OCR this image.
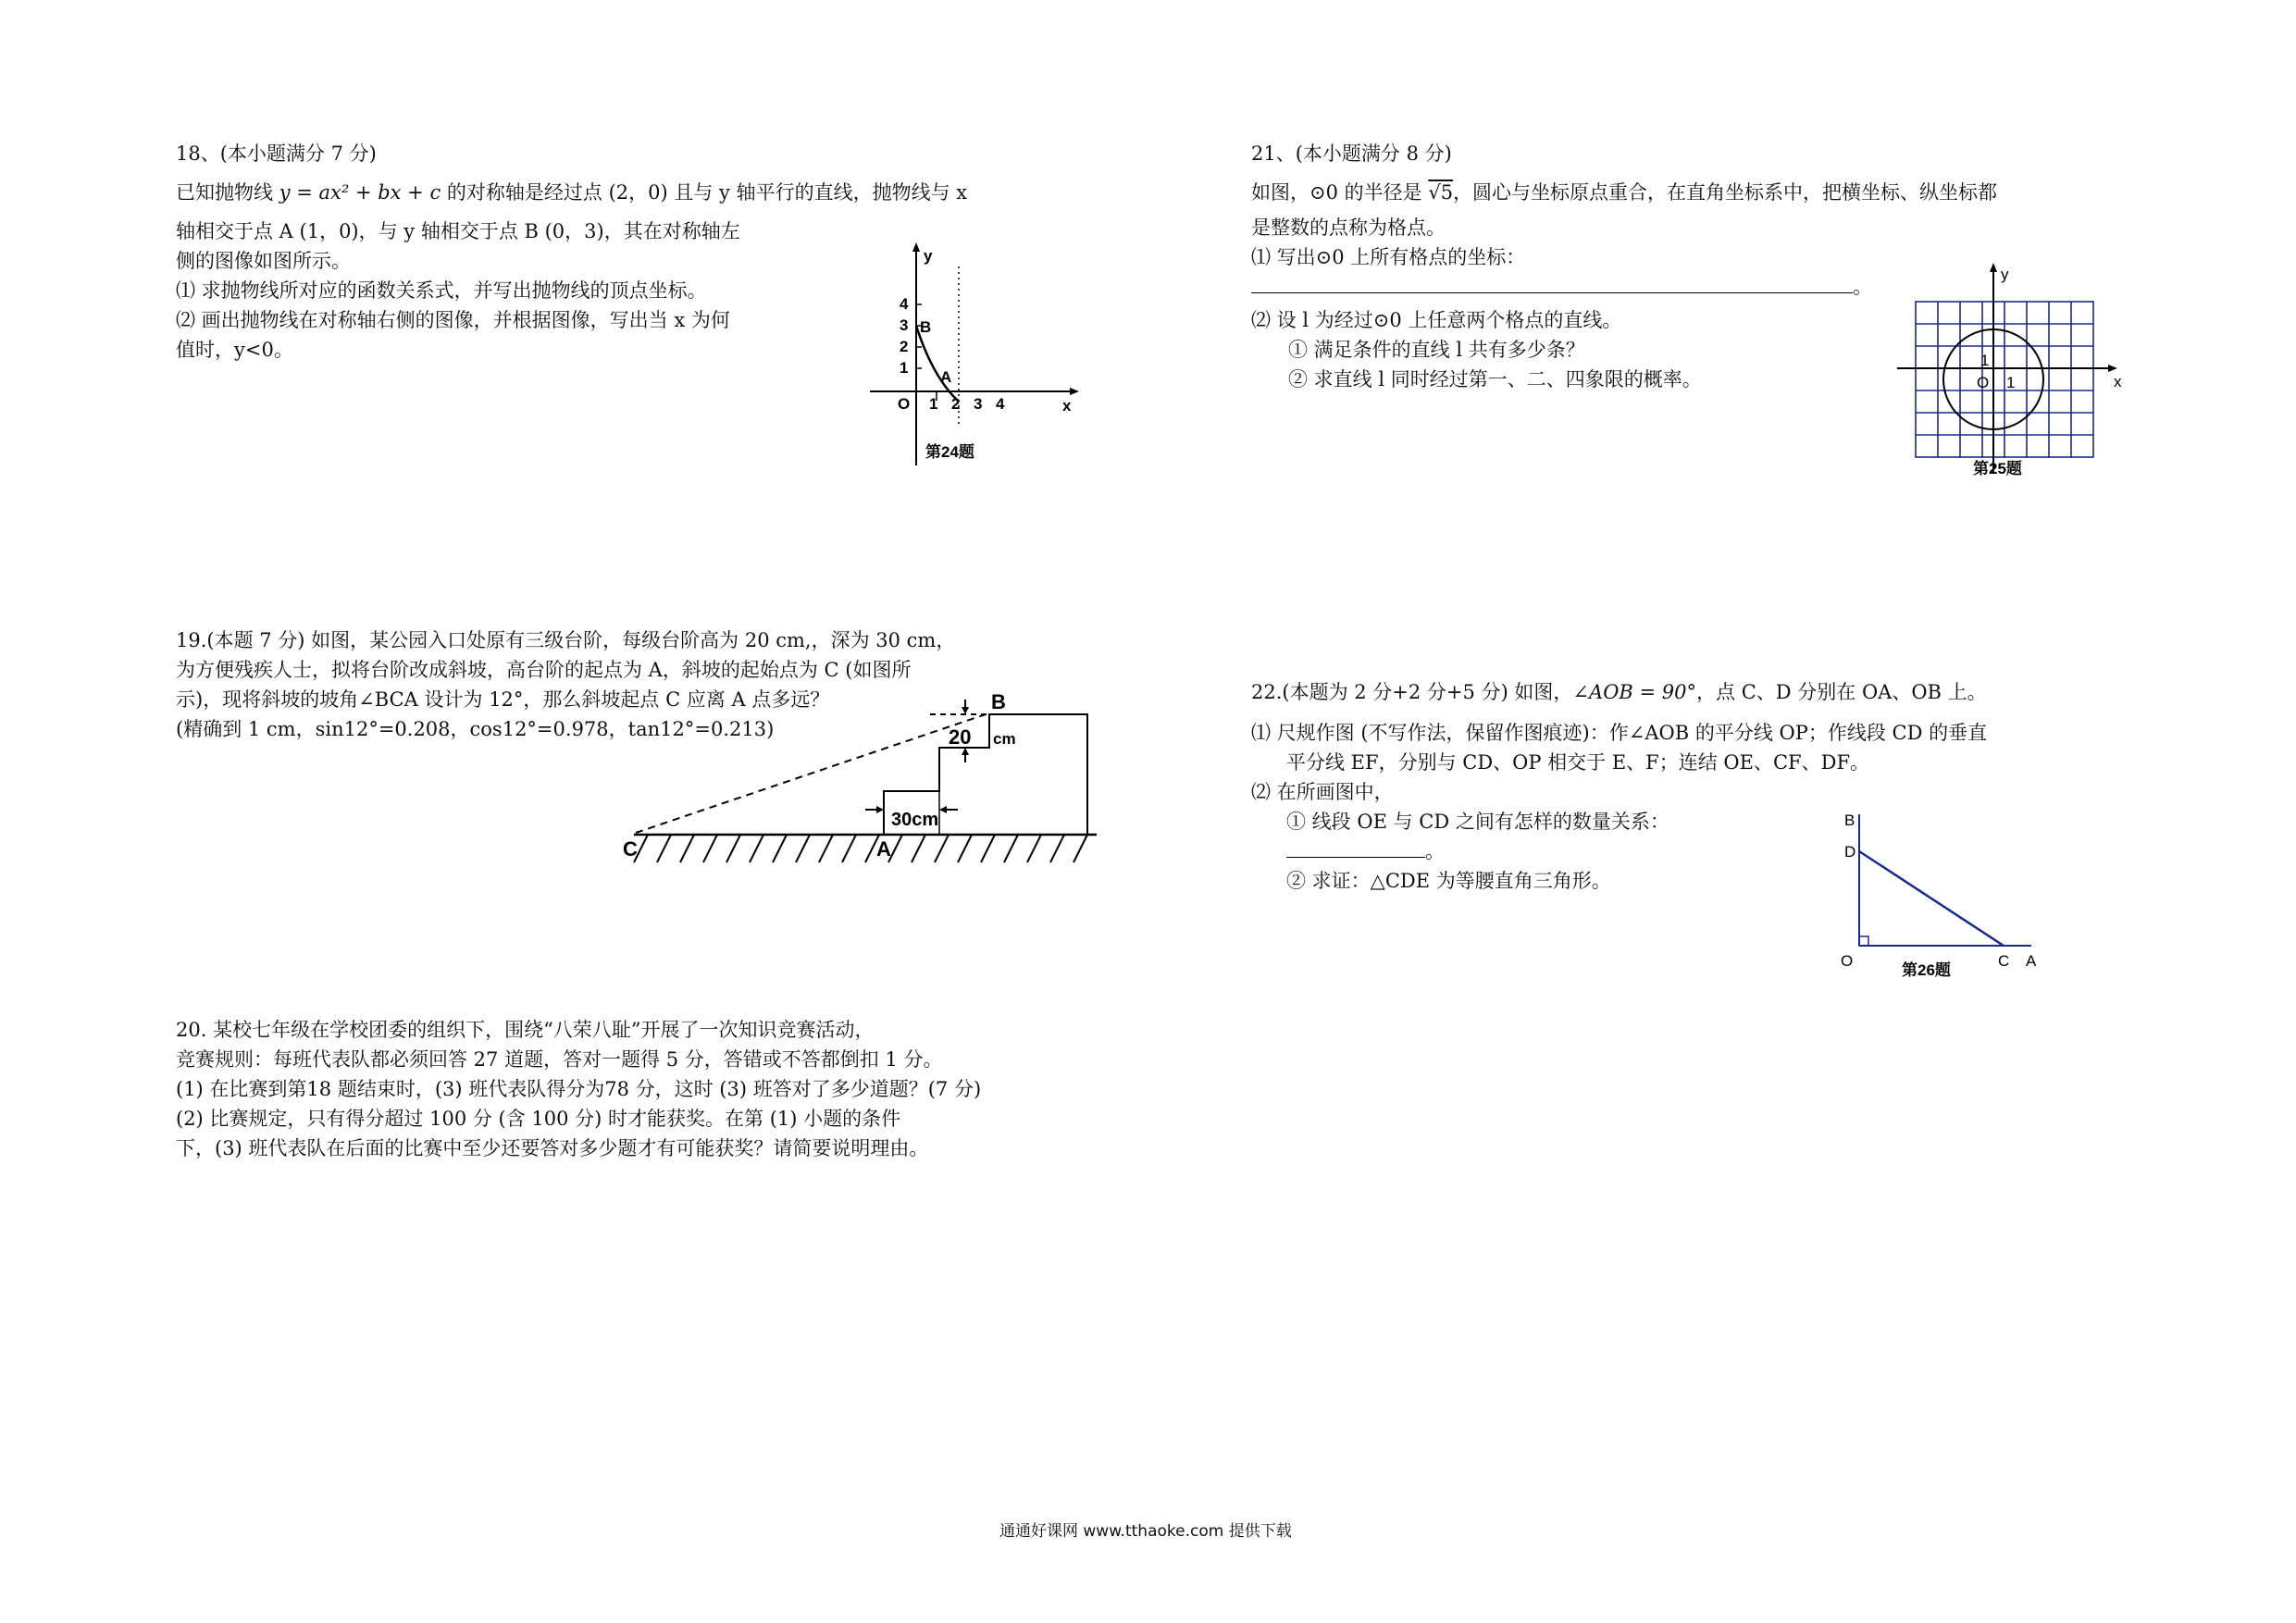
18、(本小题满分 7 分)

已知抛物线 y = ax² + bx + c 的对称轴是经过点 (2，0) 且与 y 轴平行的直线，抛物线与 x

轴相交于点 A (1，0)，与 y 轴相交于点 B (0，3)，其在对称轴左

侧的图像如图所示。

⑴ 求抛物线所对应的函数关系式，并写出抛物线的顶点坐标。

⑵ 画出抛物线在对称轴右侧的图像，并根据图像，写出当 x 为何

值时，y<0。

y
x
4
3
2
1
B
A
O 1 2 3 4
第24题

19.(本题 7 分) 如图，某公园入口处原有三级台阶，每级台阶高为 20 cm,，深为 30 cm，

为方便残疾人士，拟将台阶改成斜坡，高台阶的起点为 A，斜坡的起始点为 C (如图所

示)，现将斜坡的坡角∠BCA 设计为 12°，那么斜坡起点 C 应离 A 点多远？

(精确到 1 cm，sin12°=0.208，cos12°=0.978，tan12°=0.213)

C	A
B
20 cm
30cm

20. 某校七年级在学校团委的组织下，围绕“八荣八耻”开展了一次知识竞赛活动，

竞赛规则：每班代表队都必须回答 27 道题，答对一题得 5 分，答错或不答都倒扣 1 分。

(1) 在比赛到第18 题结束时，(3) 班代表队得分为78 分，这时 (3) 班答对了多少道题？(7 分)

(2) 比赛规定，只有得分超过 100 分 (含 100 分) 时才能获奖。在第 (1) 小题的条件

下，(3) 班代表队在后面的比赛中至少还要答对多少题才有可能获奖？请简要说明理由。

21、(本小题满分 8 分)

如图，⊙0 的半径是 √5，圆心与坐标原点重合，在直角坐标系中，把横坐标、纵坐标都

是整数的点称为格点。

⑴ 写出⊙0 上所有格点的坐标：

。

⑵ 设 l 为经过⊙0 上任意两个格点的直线。

① 满足条件的直线 l 共有多少条？

② 求直线 l 同时经过第一、二、四象限的概率。

y
x
O 1
1
第25题

22.(本题为 2 分+2 分+5 分) 如图，∠AOB = 90°，点 C、D 分别在 OA、OB 上。

⑴ 尺规作图 (不写作法，保留作图痕迹)：作∠AOB 的平分线 OP；作线段 CD 的垂直

平分线 EF，分别与 CD、OP 相交于 E、F；连结 OE、CF、DF。

⑵ 在所画图中，

① 线段 OE 与 CD 之间有怎样的数量关系：

。

② 求证：△CDE 为等腰直角三角形。

B
D
O	C A
第26题
通通好课网 www.tthaoke.com 提供下载
